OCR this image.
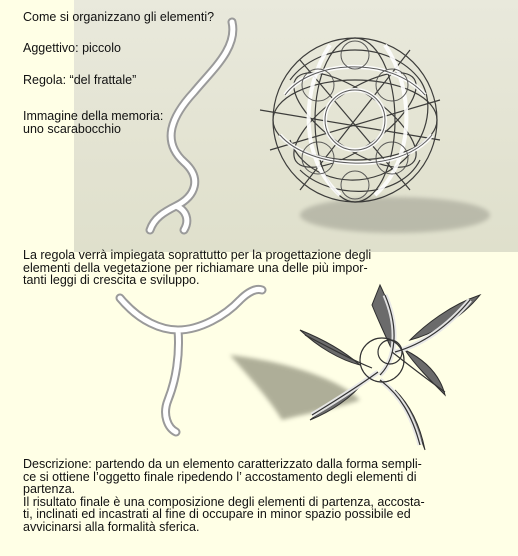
Come si organizzano gli elementi?
Aggettivo: piccolo
Regola: “del frattale”
Immagine della memoria:
uno scarabocchio
La regola verrà impiegata soprattutto per la progettazione degli
elementi della vegetazione per richiamare una delle più impor-
tanti leggi di crescita e sviluppo.
Descrizione: partendo da un elemento caratterizzato dalla forma sempli-
ce si ottiene l’oggetto finale ripedendo l’ accostamento degli elementi di
partenza.
Il risultato finale è una composizione degli elementi di partenza, accosta-
ti, inclinati ed incastrati al fine di occupare in minor spazio possibile ed
avvicinarsi alla formalità sferica.
